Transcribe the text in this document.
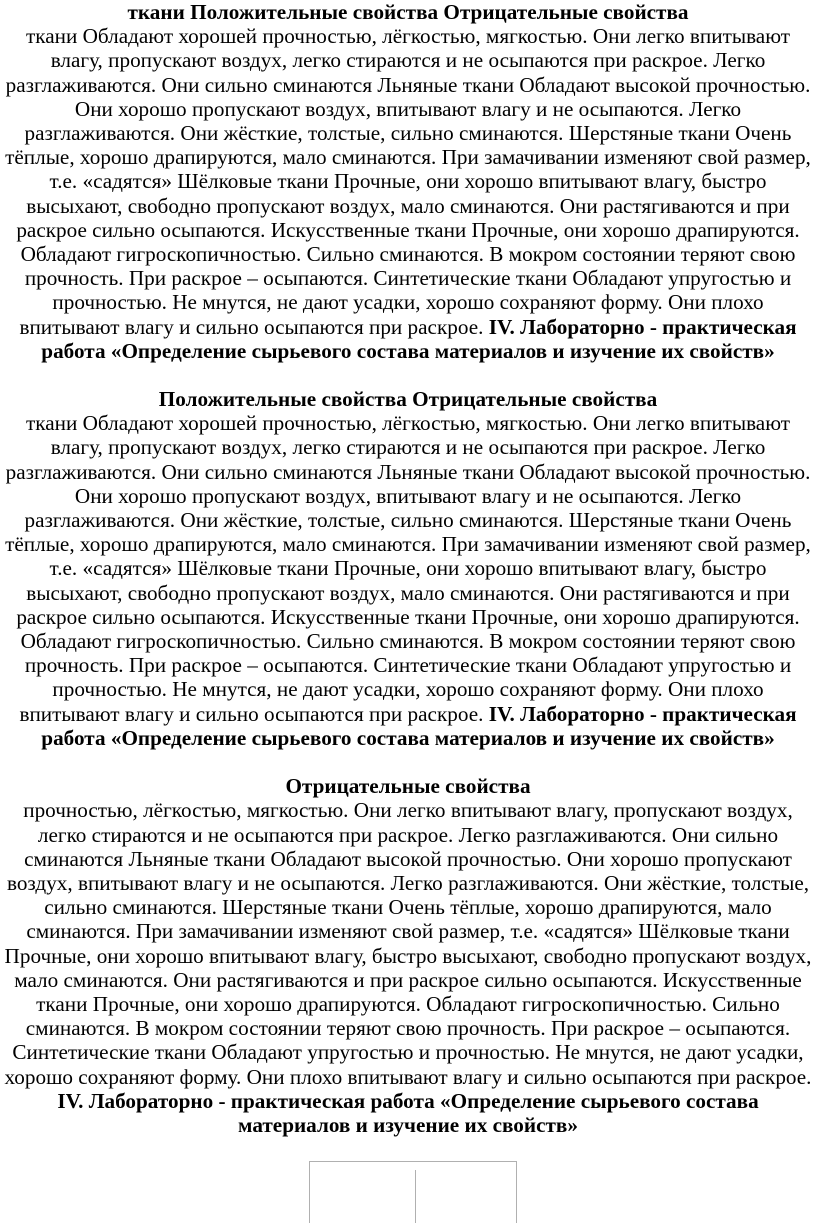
ткани Положительные свойства Отрицательные свойства
ткани Обладают хорошей прочностью, лёгкостью, мягкостью. Они легко впитывают влагу, пропускают воздух, легко стираются и не осыпаются при раскрое. Легко разглаживаются. Они сильно сминаются Льняные ткани Обладают высокой прочностью. Они хорошо пропускают воздух, впитывают влагу и не осыпаются. Легко разглаживаются. Они жёсткие, толстые, сильно сминаются. Шерстяные ткани Очень тёплые, хорошо драпируются, мало сминаются. При замачивании изменяют свой размер, т.е. «садятся» Шёлковые ткани Прочные, они хорошо впитывают влагу, быстро высыхают, свободно пропускают воздух, мало сминаются. Они растягиваются и при раскрое сильно осыпаются. Искусственные ткани Прочные, они хорошо драпируются. Обладают гигроскопичностью. Сильно сминаются. В мокром состоянии теряют свою прочность. При раскрое – осыпаются. Синтетические ткани Обладают упругостью и прочностью. Не мнутся, не дают усадки, хорошо сохраняют форму. Они плохо впитывают влагу и сильно осыпаются при раскрое. IV. Лабораторно - практическая работа «Определение сырьевого состава материалов и изучение их свойств»
Положительные свойства Отрицательные свойства
ткани Обладают хорошей прочностью, лёгкостью, мягкостью. Они легко впитывают влагу, пропускают воздух, легко стираются и не осыпаются при раскрое. Легко разглаживаются. Они сильно сминаются Льняные ткани Обладают высокой прочностью. Они хорошо пропускают воздух, впитывают влагу и не осыпаются. Легко разглаживаются. Они жёсткие, толстые, сильно сминаются. Шерстяные ткани Очень тёплые, хорошо драпируются, мало сминаются. При замачивании изменяют свой размер, т.е. «садятся» Шёлковые ткани Прочные, они хорошо впитывают влагу, быстро высыхают, свободно пропускают воздух, мало сминаются. Они растягиваются и при раскрое сильно осыпаются. Искусственные ткани Прочные, они хорошо драпируются. Обладают гигроскопичностью. Сильно сминаются. В мокром состоянии теряют свою прочность. При раскрое – осыпаются. Синтетические ткани Обладают упругостью и прочностью. Не мнутся, не дают усадки, хорошо сохраняют форму. Они плохо впитывают влагу и сильно осыпаются при раскрое. IV. Лабораторно - практическая работа «Определение сырьевого состава материалов и изучение их свойств»
Отрицательные свойства
прочностью, лёгкостью, мягкостью. Они легко впитывают влагу, пропускают воздух, легко стираются и не осыпаются при раскрое. Легко разглаживаются. Они сильно сминаются Льняные ткани Обладают высокой прочностью. Они хорошо пропускают воздух, впитывают влагу и не осыпаются. Легко разглаживаются. Они жёсткие, толстые, сильно сминаются. Шерстяные ткани Очень тёплые, хорошо драпируются, мало сминаются. При замачивании изменяют свой размер, т.е. «садятся» Шёлковые ткани Прочные, они хорошо впитывают влагу, быстро высыхают, свободно пропускают воздух, мало сминаются. Они растягиваются и при раскрое сильно осыпаются. Искусственные ткани Прочные, они хорошо драпируются. Обладают гигроскопичностью. Сильно сминаются. В мокром состоянии теряют свою прочность. При раскрое – осыпаются. Синтетические ткани Обладают упругостью и прочностью. Не мнутся, не дают усадки, хорошо сохраняют форму. Они плохо впитывают влагу и сильно осыпаются при раскрое. IV. Лабораторно - практическая работа «Определение сырьевого состава материалов и изучение их свойств»
